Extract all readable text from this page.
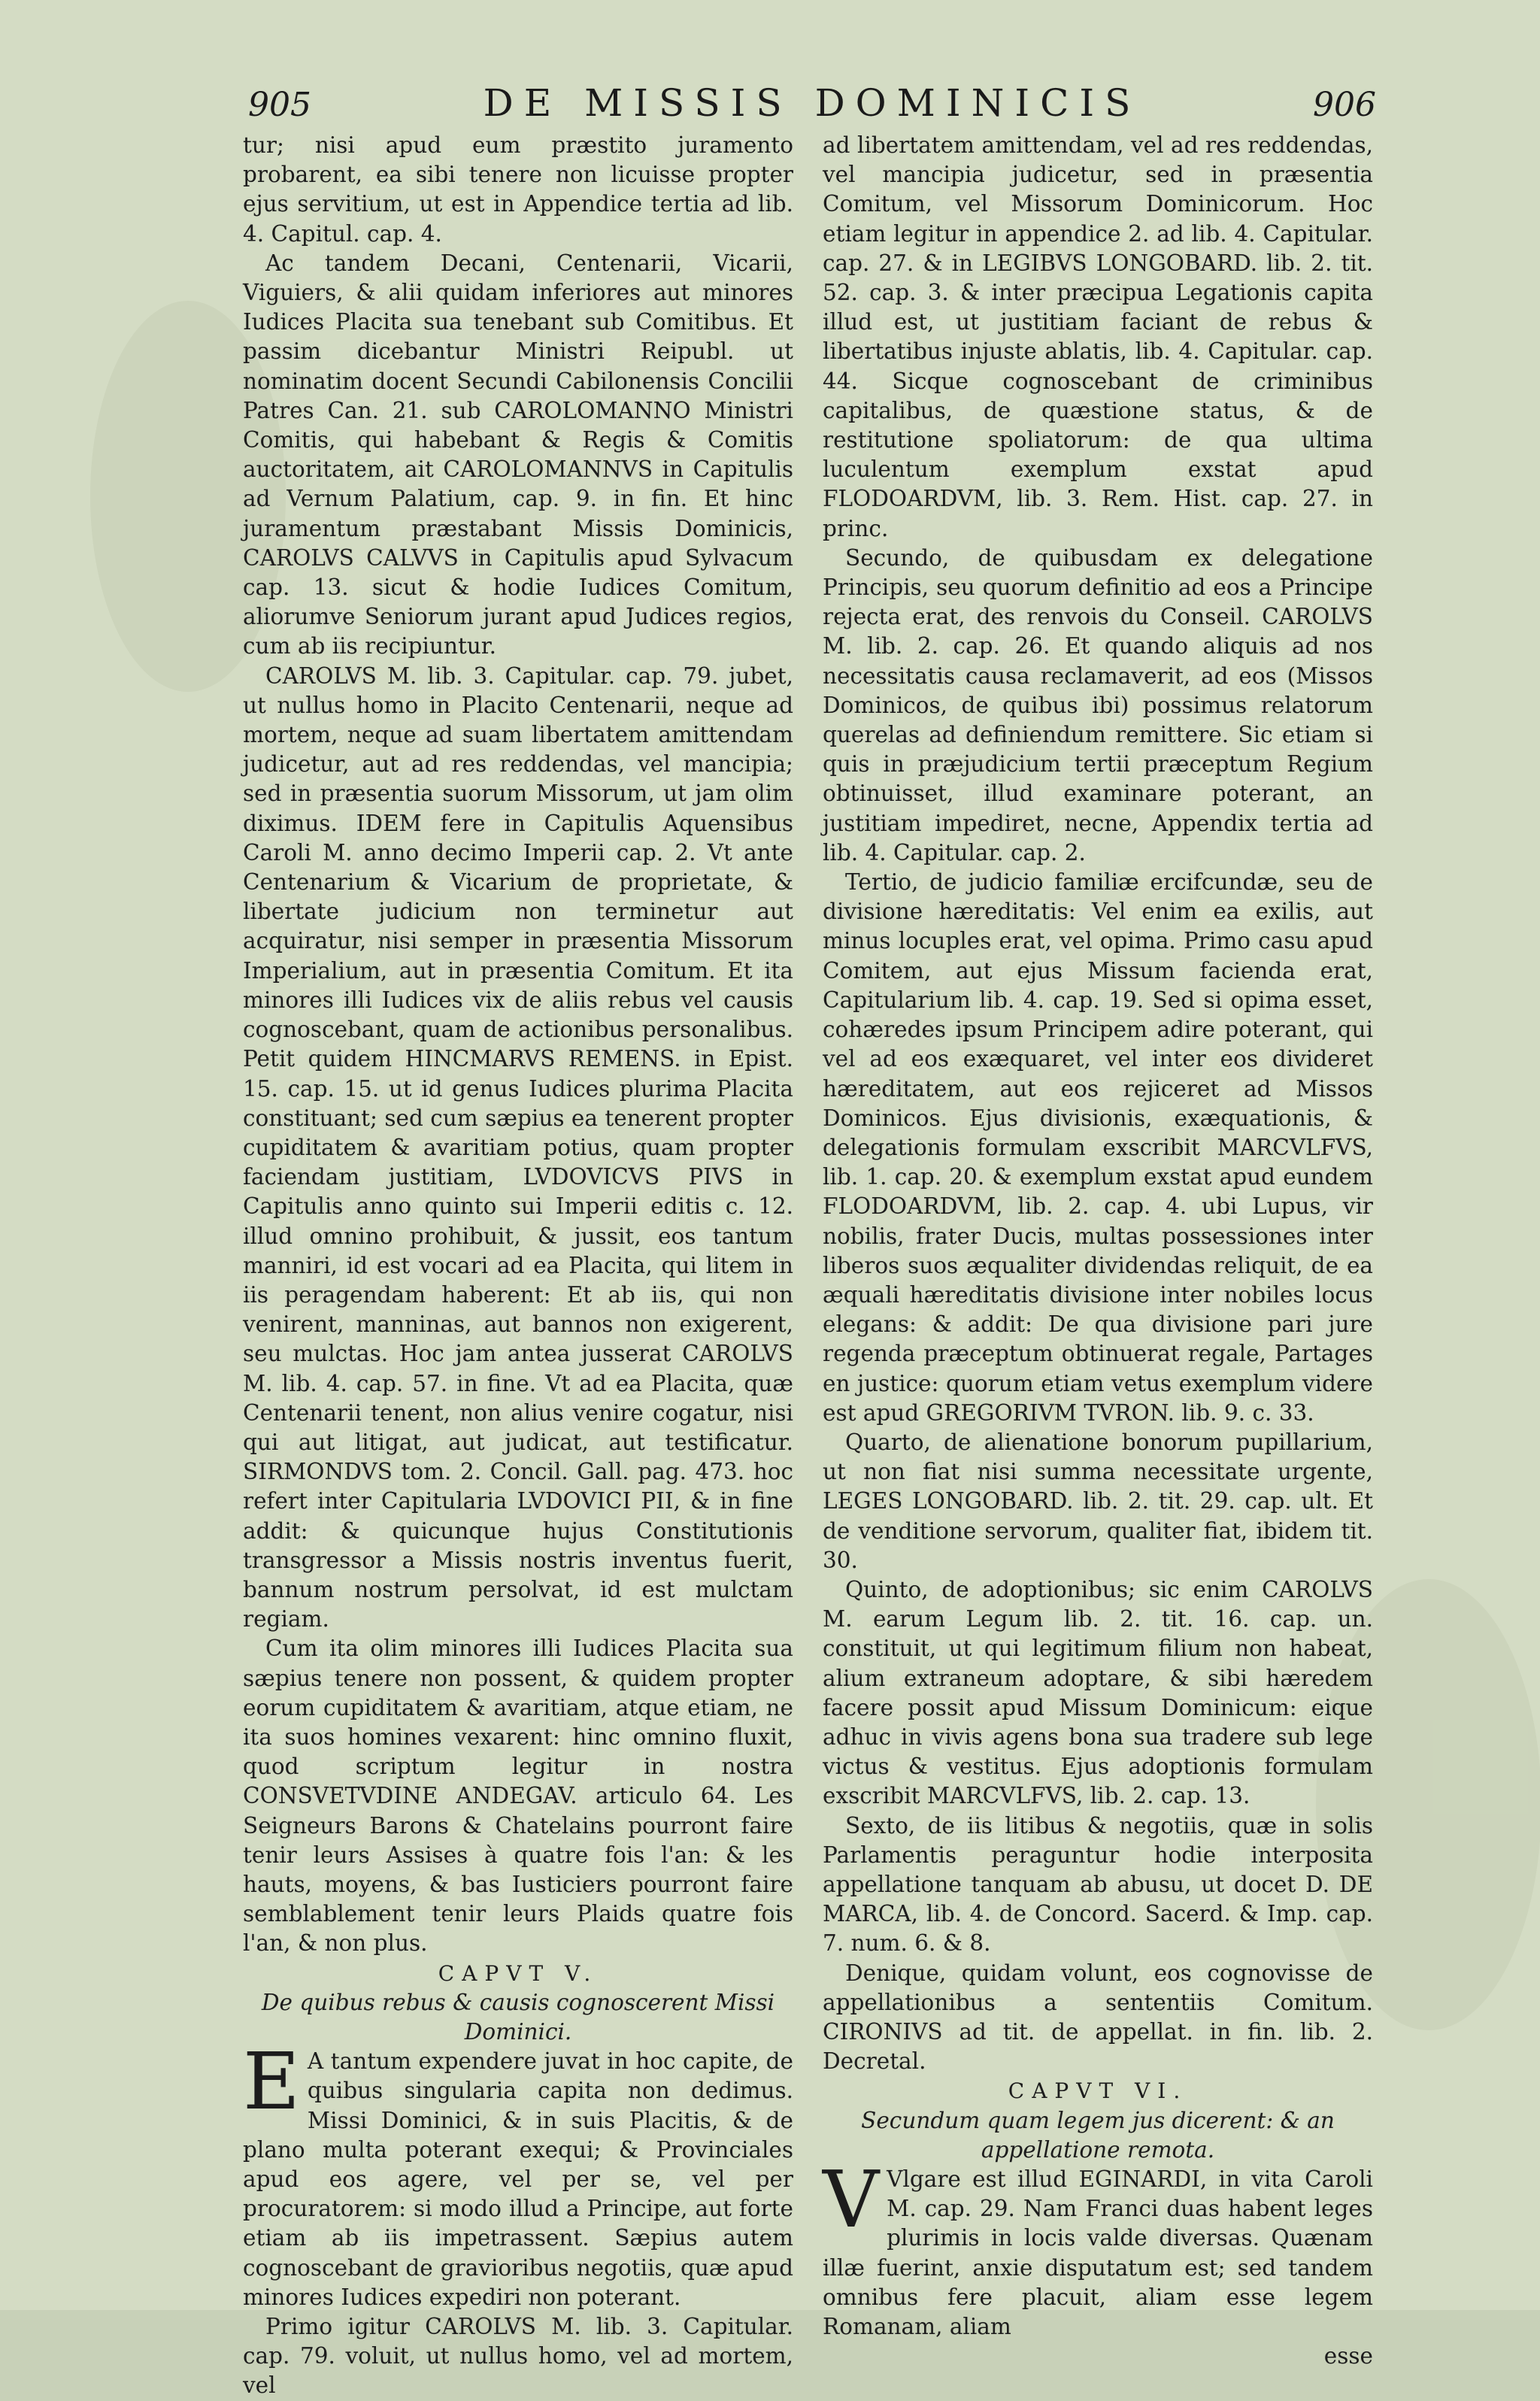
905	DE MISSIS DOMINICIS	906

tur; nisi apud eum præstito juramento probarent, ea sibi tenere non licuisse propter ejus servitium, ut est in Appendice tertia ad lib. 4. Capitul. cap. 4.

Ac tandem Decani, Centenarii, Vicarii, Viguiers, & alii quidam inferiores aut minores Iudices Placita sua tenebant sub Comitibus. Et passim dicebantur Ministri Reipubl. ut nominatim docent Secundi Cabilonensis Concilii Patres Can. 21. sub CAROLOMANNO Ministri Comitis, qui habebant & Regis & Comitis auctoritatem, ait CAROLOMANNVS in Capitulis ad Vernum Palatium, cap. 9. in fin. Et hinc juramentum præstabant Missis Dominicis, CAROLVS CALVVS in Capitulis apud Sylvacum cap. 13. sicut & hodie Iudices Comitum, aliorumve Seniorum jurant apud Judices regios, cum ab iis recipiuntur.

CAROLVS M. lib. 3. Capitular. cap. 79. jubet, ut nullus homo in Placito Centenarii, neque ad mortem, neque ad suam libertatem amittendam judicetur, aut ad res reddendas, vel mancipia; sed in præsentia suorum Missorum, ut jam olim diximus. IDEM fere in Capitulis Aquensibus Caroli M. anno decimo Imperii cap. 2. Vt ante Centenarium & Vicarium de proprietate, & libertate judicium non terminetur aut acquiratur, nisi semper in præsentia Missorum Imperialium, aut in præsentia Comitum. Et ita minores illi Iudices vix de aliis rebus vel causis cognoscebant, quam de actionibus personalibus. Petit quidem HINCMARVS REMENS. in Epist. 15. cap. 15. ut id genus Iudices plurima Placita constituant; sed cum sæpius ea tenerent propter cupiditatem & avaritiam potius, quam propter faciendam justitiam, LVDOVICVS PIVS in Capitulis anno quinto sui Imperii editis c. 12. illud omnino prohibuit, & jussit, eos tantum manniri, id est vocari ad ea Placita, qui litem in iis peragendam haberent: Et ab iis, qui non venirent, manninas, aut bannos non exigerent, seu mulctas. Hoc jam antea jusserat CAROLVS M. lib. 4. cap. 57. in fine. Vt ad ea Placita, quæ Centenarii tenent, non alius venire cogatur, nisi qui aut litigat, aut judicat, aut testificatur. SIRMONDVS tom. 2. Concil. Gall. pag. 473. hoc refert inter Capitularia LVDOVICI PII, & in fine addit: & quicunque hujus Constitutionis transgressor a Missis nostris inventus fuerit, bannum nostrum persolvat, id est mulctam regiam.

Cum ita olim minores illi Iudices Placita sua sæpius tenere non possent, & quidem propter eorum cupiditatem & avaritiam, atque etiam, ne ita suos homines vexarent: hinc omnino fluxit, quod scriptum legitur in nostra CONSVETVDINE ANDEGAV. articulo 64. Les Seigneurs Barons & Chatelains pourront faire tenir leurs Assises à quatre fois l'an: & les hauts, moyens, & bas Iusticiers pourront faire semblablement tenir leurs Plaids quatre fois l'an, & non plus.

CAPVT V.

De quibus rebus & causis cognoscerent Missi Dominici.

E A tantum expendere juvat in hoc capite, de quibus singularia capita non dedimus. Missi Dominici, & in suis Placitis, & de plano multa poterant exequi; & Provinciales apud eos agere, vel per se, vel per procuratorem: si modo illud a Principe, aut forte etiam ab iis impetrassent. Sæpius autem cognoscebant de gravioribus negotiis, quæ apud minores Iudices expediri non poterant.

Primo igitur CAROLVS M. lib. 3. Capitular. cap. 79. voluit, ut nullus homo, vel ad mortem, vel

ad libertatem amittendam, vel ad res reddendas, vel mancipia judicetur, sed in præsentia Comitum, vel Missorum Dominicorum. Hoc etiam legitur in appendice 2. ad lib. 4. Capitular. cap. 27. & in LEGIBVS LONGOBARD. lib. 2. tit. 52. cap. 3. & inter præcipua Legationis capita illud est, ut justitiam faciant de rebus & libertatibus injuste ablatis, lib. 4. Capitular. cap. 44. Sicque cognoscebant de criminibus capitalibus, de quæstione status, & de restitutione spoliatorum: de qua ultima luculentum exemplum exstat apud FLODOARDVM, lib. 3. Rem. Hist. cap. 27. in princ.

Secundo, de quibusdam ex delegatione Principis, seu quorum definitio ad eos a Principe rejecta erat, des renvois du Conseil. CAROLVS M. lib. 2. cap. 26. Et quando aliquis ad nos necessitatis causa reclamaverit, ad eos (Missos Dominicos, de quibus ibi) possimus relatorum querelas ad definiendum remittere. Sic etiam si quis in præjudicium tertii præceptum Regium obtinuisset, illud examinare poterant, an justitiam impediret, necne, Appendix tertia ad lib. 4. Capitular. cap. 2.

Tertio, de judicio familiæ ercifcundæ, seu de divisione hæreditatis: Vel enim ea exilis, aut minus locuples erat, vel opima. Primo casu apud Comitem, aut ejus Missum facienda erat, Capitularium lib. 4. cap. 19. Sed si opima esset, cohæredes ipsum Principem adire poterant, qui vel ad eos exæquaret, vel inter eos divideret hæreditatem, aut eos rejiceret ad Missos Dominicos. Ejus divisionis, exæquationis, & delegationis formulam exscribit MARCVLFVS, lib. 1. cap. 20. & exemplum exstat apud eundem FLODOARDVM, lib. 2. cap. 4. ubi Lupus, vir nobilis, frater Ducis, multas possessiones inter liberos suos æqualiter dividendas reliquit, de ea æquali hæreditatis divisione inter nobiles locus elegans: & addit: De qua divisione pari jure regenda præceptum obtinuerat regale, Partages en justice: quorum etiam vetus exemplum videre est apud GREGORIVM TVRON. lib. 9. c. 33.

Quarto, de alienatione bonorum pupillarium, ut non fiat nisi summa necessitate urgente, LEGES LONGOBARD. lib. 2. tit. 29. cap. ult. Et de venditione servorum, qualiter fiat, ibidem tit. 30.

Quinto, de adoptionibus; sic enim CAROLVS M. earum Legum lib. 2. tit. 16. cap. un. constituit, ut qui legitimum filium non habeat, alium extraneum adoptare, & sibi hæredem facere possit apud Missum Dominicum: eique adhuc in vivis agens bona sua tradere sub lege victus & vestitus. Ejus adoptionis formulam exscribit MARCVLFVS, lib. 2. cap. 13.

Sexto, de iis litibus & negotiis, quæ in solis Parlamentis peraguntur hodie interposita appellatione tanquam ab abusu, ut docet D. DE MARCA, lib. 4. de Concord. Sacerd. & Imp. cap. 7. num. 6. & 8.

Denique, quidam volunt, eos cognovisse de appellationibus a sententiis Comitum. CIRONIVS ad tit. de appellat. in fin. lib. 2. Decretal.

CAPVT VI.

Secundum quam legem jus dicerent: & an appellatione remota.

V Vlgare est illud EGINARDI, in vita Caroli M. cap. 29. Nam Franci duas habent leges plurimis in locis valde diversas. Quænam illæ fuerint, anxie disputatum est; sed tandem omnibus fere placuit, aliam esse legem Romanam, aliam

esse
